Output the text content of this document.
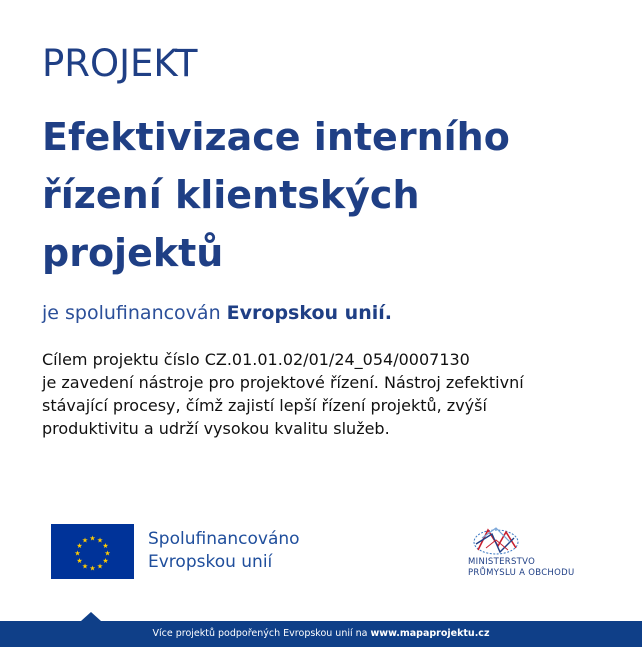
PROJEKT
Efektivizace interního
řízení klientských
projektů
je spolufinancován Evropskou unií.
Cílem projektu číslo CZ.01.01.02/01/24_054/0007130
je zavedení nástroje pro projektové řízení. Nástroj zefektivní
stávající procesy, čímž zajistí lepší řízení projektů, zvýší
produktivitu a udrží vysokou kvalitu služeb.
★ ★
★
★
★
★
★
★
★
★
★
★	Spolufinancováno
Evropskou unií	MINISTERSTVO
PRŮMYSLU A OBCHODU
Více projektů podpořených Evropskou unií na www.mapaprojektu.cz
